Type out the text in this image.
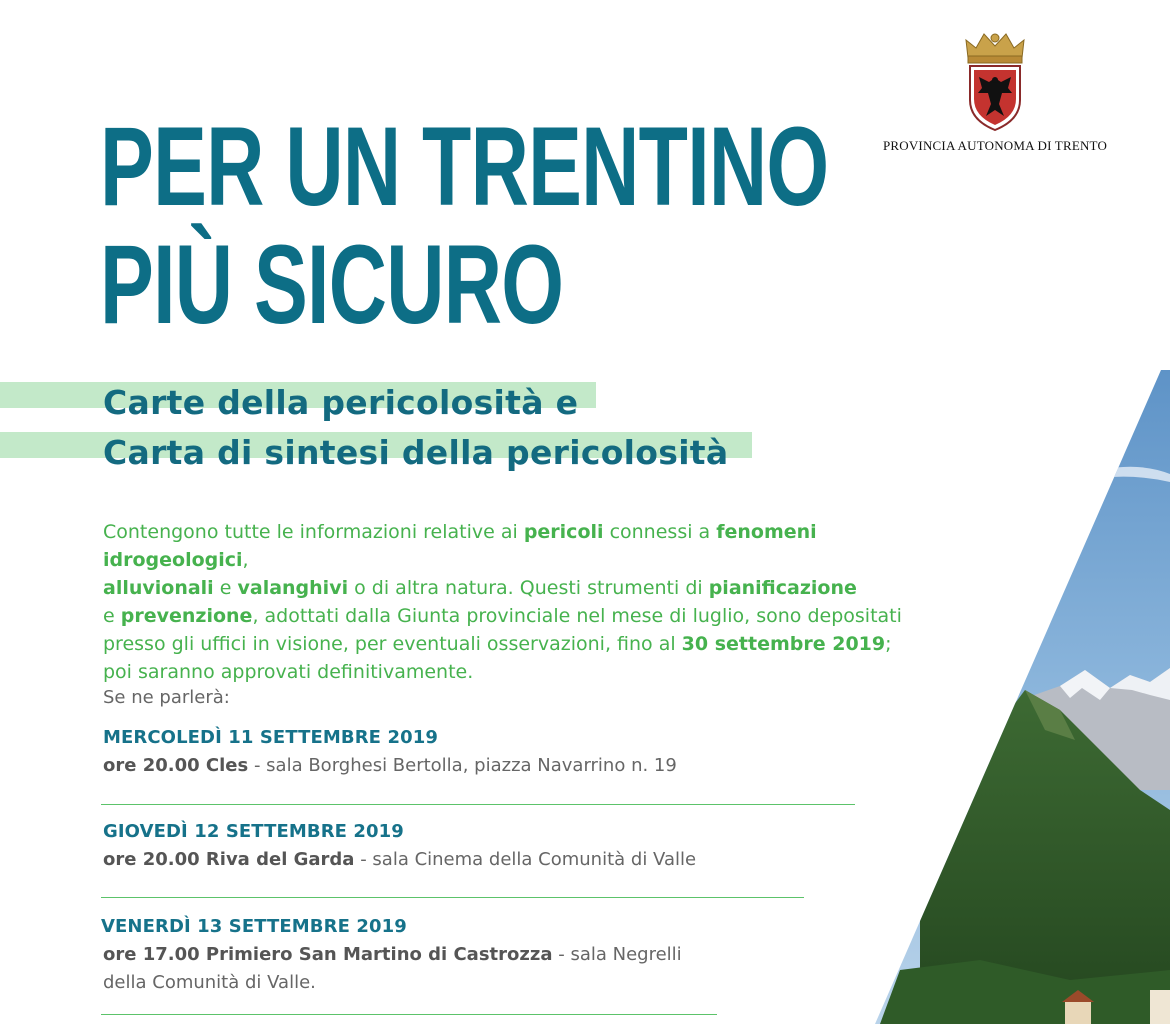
PER UN TRENTINO
PIÙ SICURO
PROVINCIA AUTONOMA DI TRENTO
Carte della pericolosità e
Carta di sintesi della pericolosità
Contengono tutte le informazioni relative ai pericoli connessi a fenomeni idrogeologici,
alluvionali e valanghivi o di altra natura. Questi strumenti di pianificazione
e prevenzione, adottati dalla Giunta provinciale nel mese di luglio, sono depositati
presso gli uffici in visione, per eventuali osservazioni, fino al 30 settembre 2019;
poi saranno approvati definitivamente.
Se ne parlerà:
MERCOLEDÌ 11 SETTEMBRE 2019
ore 20.00 Cles - sala Borghesi Bertolla, piazza Navarrino n. 19
GIOVEDÌ 12 SETTEMBRE 2019
ore 20.00 Riva del Garda - sala Cinema della Comunità di Valle
VENERDÌ 13 SETTEMBRE 2019
ore 17.00 Primiero San Martino di Castrozza - sala Negrelli della Comunità di Valle.
